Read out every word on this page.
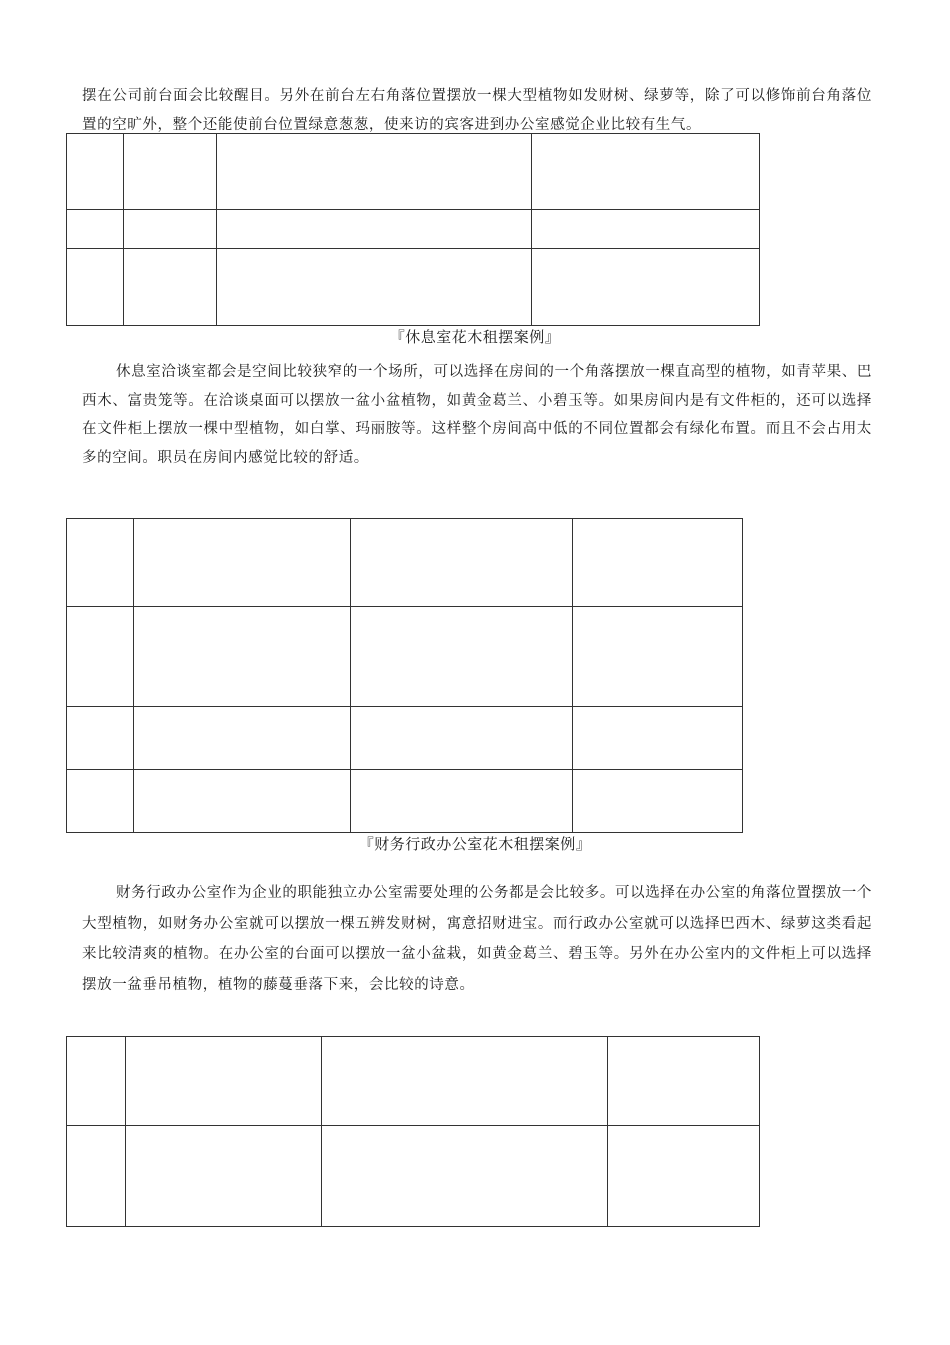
摆在公司前台面会比较醒目。另外在前台左右角落位置摆放一棵大型植物如发财树、绿萝等，除了可以修饰前台角落位置的空旷外，整个还能使前台位置绿意葱葱，使来访的宾客进到办公室感觉企业比较有生气。

『休息室花木租摆案例』

休息室洽谈室都会是空间比较狭窄的一个场所，可以选择在房间的一个角落摆放一棵直高型的植物，如青苹果、巴西木、富贵笼等。在洽谈桌面可以摆放一盆小盆植物，如黄金葛兰、小碧玉等。如果房间内是有文件柜的，还可以选择在文件柜上摆放一棵中型植物，如白掌、玛丽胺等。这样整个房间高中低的不同位置都会有绿化布置。而且不会占用太多的空间。职员在房间内感觉比较的舒适。

『财务行政办公室花木租摆案例』

财务行政办公室作为企业的职能独立办公室需要处理的公务都是会比较多。可以选择在办公室的角落位置摆放一个大型植物，如财务办公室就可以摆放一棵五辨发财树，寓意招财进宝。而行政办公室就可以选择巴西木、绿萝这类看起来比较清爽的植物。在办公室的台面可以摆放一盆小盆栽，如黄金葛兰、碧玉等。另外在办公室内的文件柜上可以选择摆放一盆垂吊植物，植物的藤蔓垂落下来，会比较的诗意。
